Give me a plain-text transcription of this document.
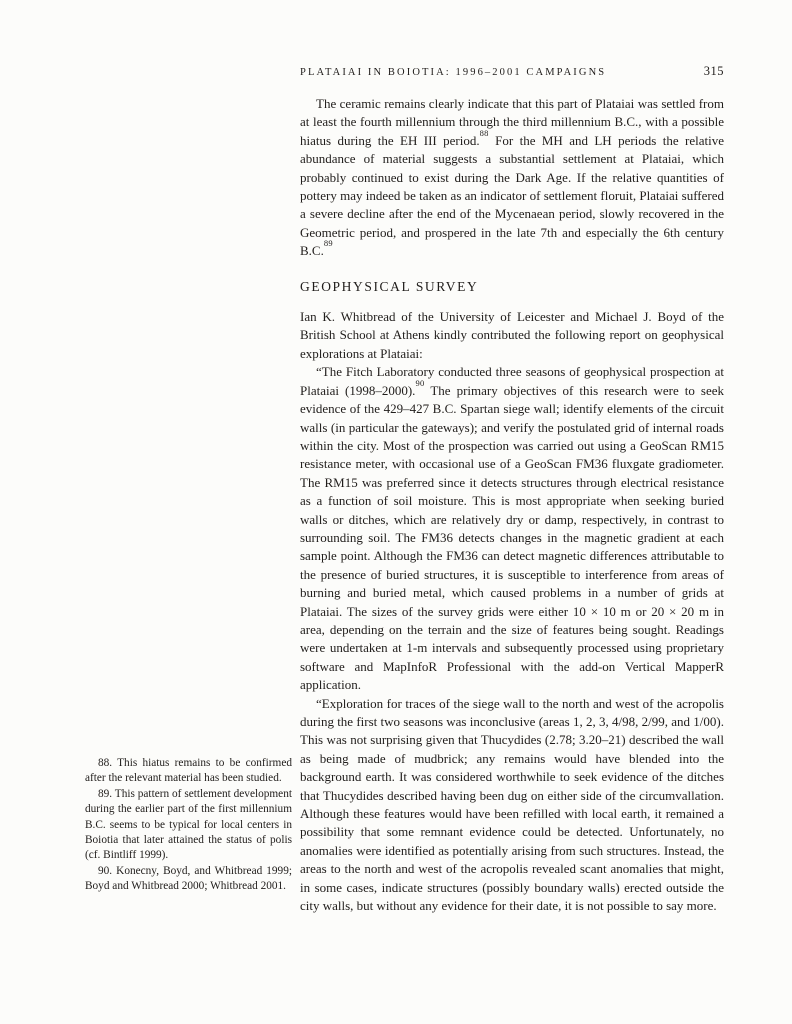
PLATAIAI IN BOIOTIA: 1996–2001 CAMPAIGNS	315

88. This hiatus remains to be confirmed after the relevant material has been studied.

89. This pattern of settlement development during the earlier part of the first millennium B.C. seems to be typical for local centers in Boiotia that later attained the status of polis (cf. Bintliff 1999).

90. Konecny, Boyd, and Whitbread 1999; Boyd and Whitbread 2000; Whitbread 2001.

The ceramic remains clearly indicate that this part of Plataiai was settled from at least the fourth millennium through the third millennium B.C., with a possible hiatus during the EH III period.$^{88}$ For the MH and LH periods the relative abundance of material suggests a substantial settlement at Plataiai, which probably continued to exist during the Dark Age. If the relative quantities of pottery may indeed be taken as an indicator of settlement floruit, Plataiai suffered a severe decline after the end of the Mycenaean period, slowly recovered in the Geometric period, and prospered in the late 7th and especially the 6th century B.C.$^{89}$

GEOPHYSICAL SURVEY

Ian K. Whitbread of the University of Leicester and Michael J. Boyd of the British School at Athens kindly contributed the following report on geophysical explorations at Plataiai:

“The Fitch Laboratory conducted three seasons of geophysical prospection at Plataiai (1998–2000).$^{90}$ The primary objectives of this research were to seek evidence of the 429–427 B.C. Spartan siege wall; identify elements of the circuit walls (in particular the gateways); and verify the postulated grid of internal roads within the city. Most of the prospection was carried out using a GeoScan RM15 resistance meter, with occasional use of a GeoScan FM36 fluxgate gradiometer. The RM15 was preferred since it detects structures through electrical resistance as a function of soil moisture. This is most appropriate when seeking buried walls or ditches, which are relatively dry or damp, respectively, in contrast to surrounding soil. The FM36 detects changes in the magnetic gradient at each sample point. Although the FM36 can detect magnetic differences attributable to the presence of buried structures, it is susceptible to interference from areas of burning and buried metal, which caused problems in a number of grids at Plataiai. The sizes of the survey grids were either 10 × 10 m or 20 × 20 m in area, depending on the terrain and the size of features being sought. Readings were undertaken at 1-m intervals and subsequently processed using proprietary software and MapInfoR Professional with the add-on Vertical MapperR application.

“Exploration for traces of the siege wall to the north and west of the acropolis during the first two seasons was inconclusive (areas 1, 2, 3, 4/98, 2/99, and 1/00). This was not surprising given that Thucydides (2.78; 3.20–21) described the wall as being made of mudbrick; any remains would have blended into the background earth. It was considered worthwhile to seek evidence of the ditches that Thucydides described having been dug on either side of the circumvallation. Although these features would have been refilled with local earth, it remained a possibility that some remnant evidence could be detected. Unfortunately, no anomalies were identified as potentially arising from such structures. Instead, the areas to the north and west of the acropolis revealed scant anomalies that might, in some cases, indicate structures (possibly boundary walls) erected outside the city walls, but without any evidence for their date, it is not possible to say more.
